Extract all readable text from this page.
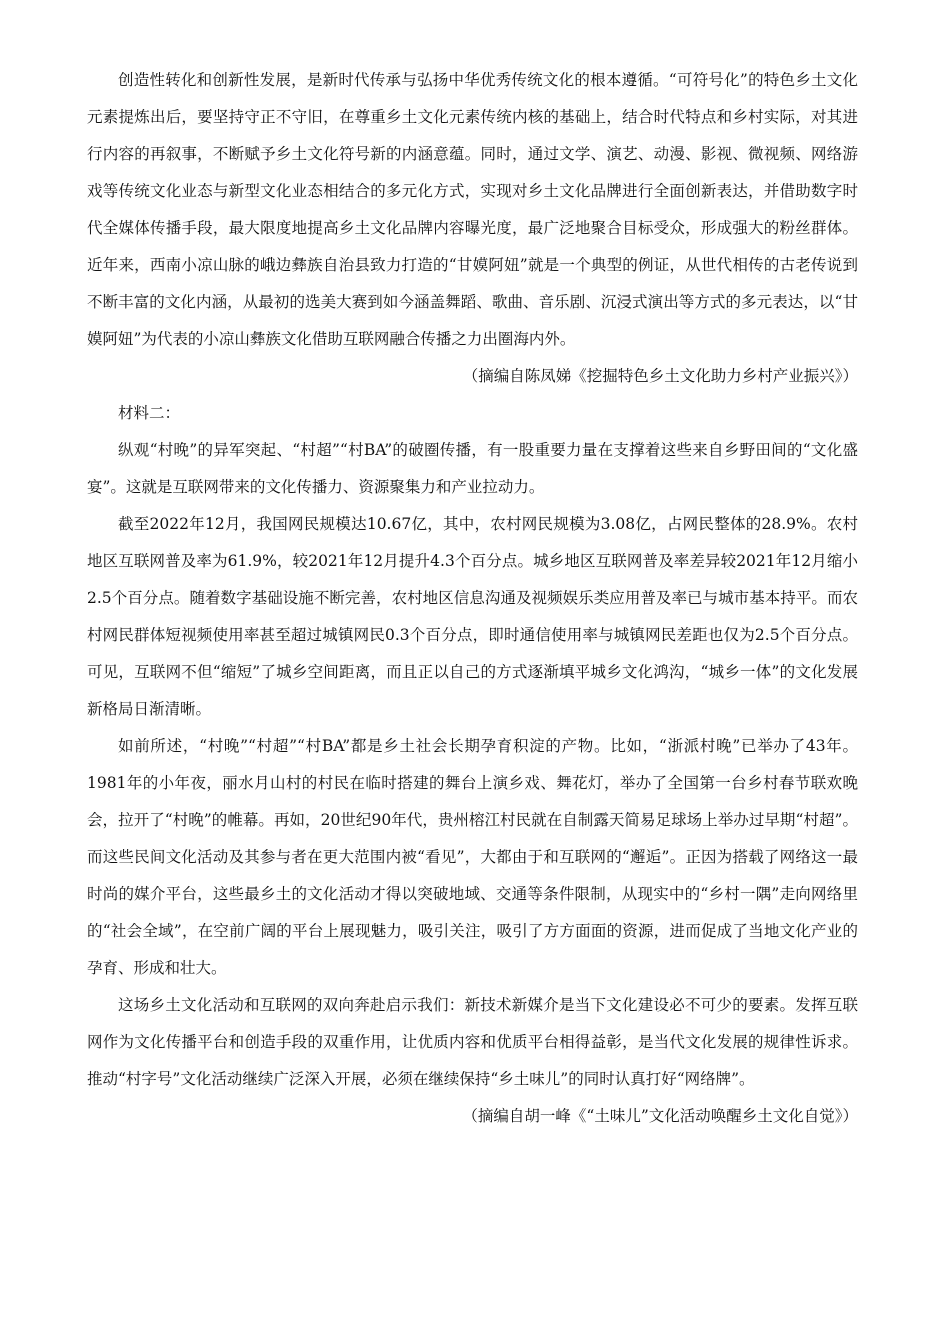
创造性转化和创新性发展，是新时代传承与弘扬中华优秀传统文化的根本遵循。“可符号化”的特色乡土文化元素提炼出后，要坚持守正不守旧，在尊重乡土文化元素传统内核的基础上，结合时代特点和乡村实际，对其进行内容的再叙事，不断赋予乡土文化符号新的内涵意蕴。同时，通过文学、演艺、动漫、影视、微视频、网络游戏等传统文化业态与新型文化业态相结合的多元化方式，实现对乡土文化品牌进行全面创新表达，并借助数字时代全媒体传播手段，最大限度地提高乡土文化品牌内容曝光度，最广泛地聚合目标受众，形成强大的粉丝群体。近年来，西南小凉山脉的峨边彝族自治县致力打造的“甘嫫阿妞”就是一个典型的例证，从世代相传的古老传说到不断丰富的文化内涵，从最初的选美大赛到如今涵盖舞蹈、歌曲、音乐剧、沉浸式演出等方式的多元表达，以“甘嫫阿妞”为代表的小凉山彝族文化借助互联网融合传播之力出圈海内外。

（摘编自陈凤娣《挖掘特色乡土文化助力乡村产业振兴》）

材料二：

纵观“村晚”的异军突起、“村超”“村BA”的破圈传播，有一股重要力量在支撑着这些来自乡野田间的“文化盛宴”。这就是互联网带来的文化传播力、资源聚集力和产业拉动力。

截至2022年12月，我国网民规模达10.67亿，其中，农村网民规模为3.08亿，占网民整体的28.9%。农村地区互联网普及率为61.9%，较2021年12月提升4.3个百分点。城乡地区互联网普及率差异较2021年12月缩小2.5个百分点。随着数字基础设施不断完善，农村地区信息沟通及视频娱乐类应用普及率已与城市基本持平。而农村网民群体短视频使用率甚至超过城镇网民0.3个百分点，即时通信使用率与城镇网民差距也仅为2.5个百分点。可见，互联网不但“缩短”了城乡空间距离，而且正以自己的方式逐渐填平城乡文化鸿沟，“城乡一体”的文化发展新格局日渐清晰。

如前所述，“村晚”“村超”“村BA”都是乡土社会长期孕育积淀的产物。比如，“浙派村晚”已举办了43年。1981年的小年夜，丽水月山村的村民在临时搭建的舞台上演乡戏、舞花灯，举办了全国第一台乡村春节联欢晚会，拉开了“村晚”的帷幕。再如，20世纪90年代，贵州榕江村民就在自制露天简易足球场上举办过早期“村超”。而这些民间文化活动及其参与者在更大范围内被“看见”，大都由于和互联网的“邂逅”。正因为搭载了网络这一最时尚的媒介平台，这些最乡土的文化活动才得以突破地域、交通等条件限制，从现实中的“乡村一隅”走向网络里的“社会全域”，在空前广阔的平台上展现魅力，吸引关注，吸引了方方面面的资源，进而促成了当地文化产业的孕育、形成和壮大。

这场乡土文化活动和互联网的双向奔赴启示我们：新技术新媒介是当下文化建设必不可少的要素。发挥互联网作为文化传播平台和创造手段的双重作用，让优质内容和优质平台相得益彰，是当代文化发展的规律性诉求。推动“村字号”文化活动继续广泛深入开展，必须在继续保持“乡土味儿”的同时认真打好“网络牌”。

（摘编自胡一峰《“土味儿”文化活动唤醒乡土文化自觉》）
